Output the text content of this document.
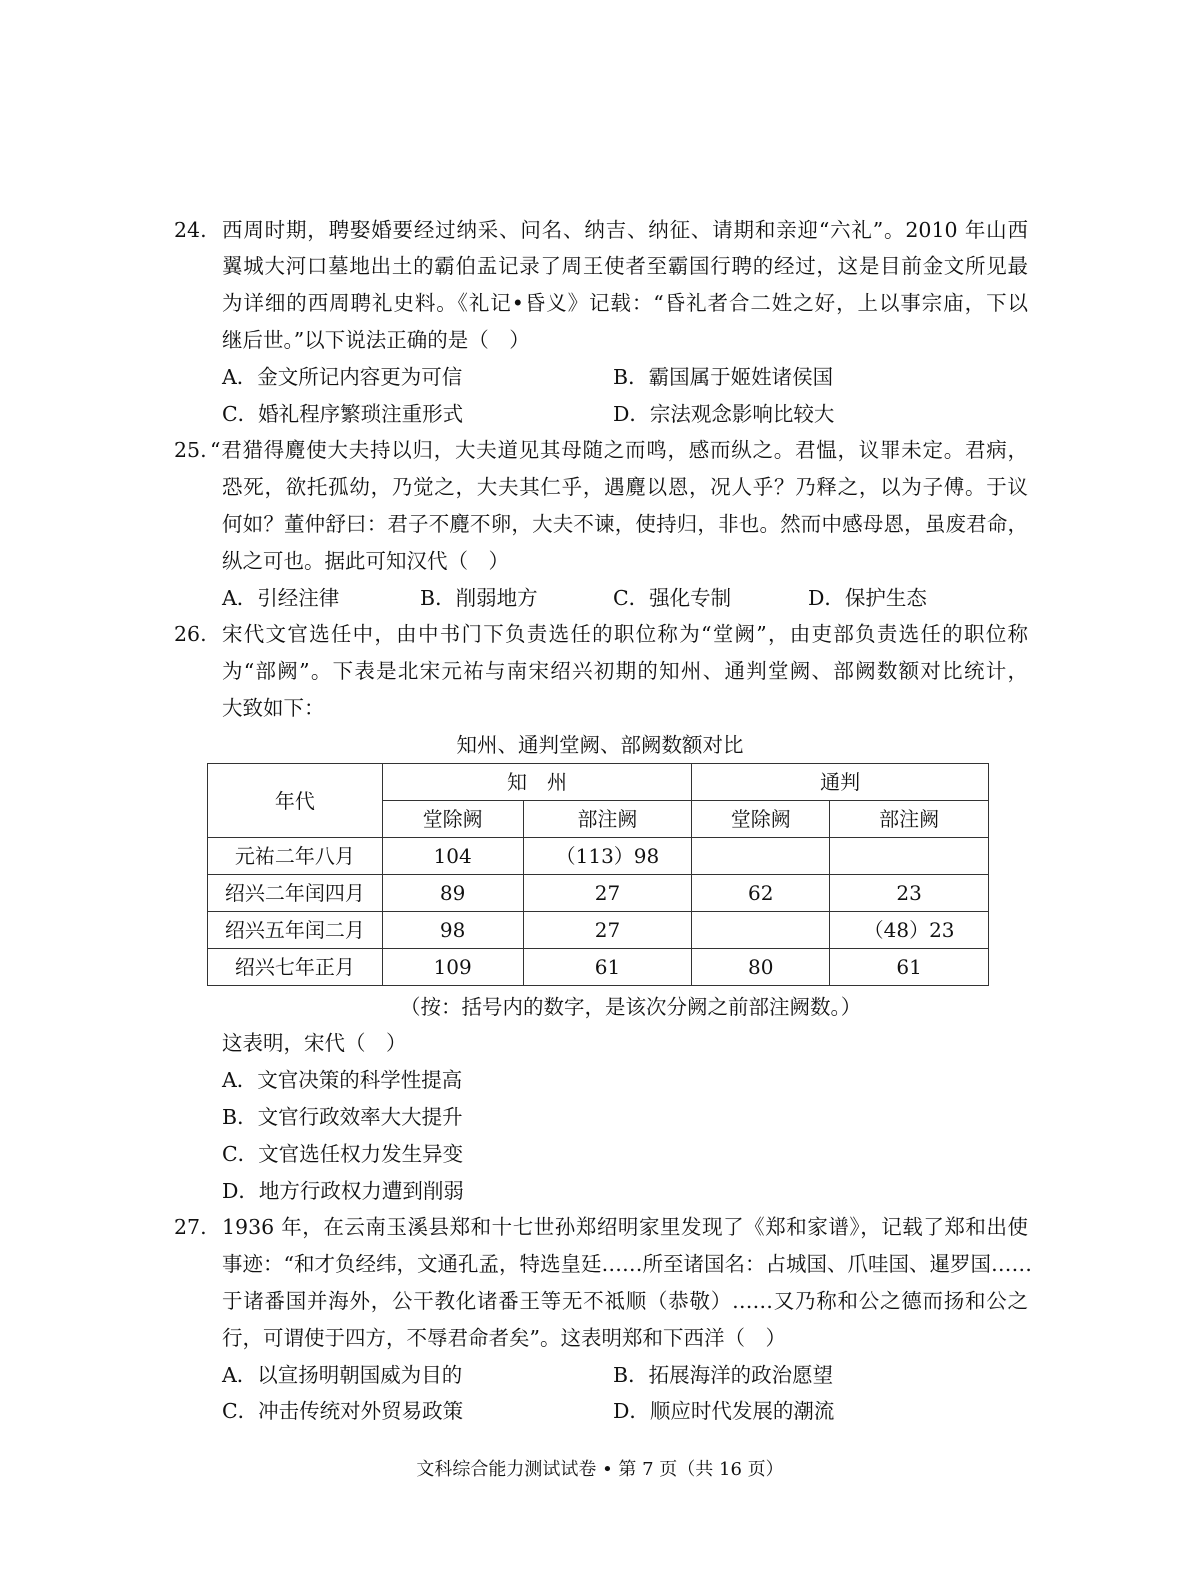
24. 西周时期，聘娶婚要经过纳采、问名、纳吉、纳征、请期和亲迎“六礼”。2010 年山西
翼城大河口墓地出土的霸伯盂记录了周王使者至霸国行聘的经过，这是目前金文所见最
为详细的西周聘礼史料。《礼记•昏义》记载：“昏礼者合二姓之好，上以事宗庙，下以
继后世。”以下说法正确的是（　）
A．金文所记内容更为可信	B．霸国属于姬姓诸侯国
C．婚礼程序繁琐注重形式	D．宗法观念影响比较大
25. “君猎得麑使大夫持以归，大夫道见其母随之而鸣，感而纵之。君愠，议罪未定。君病，
恐死，欲托孤幼，乃觉之，大夫其仁乎，遇麑以恩，况人乎？乃释之，以为子傅。于议
何如？董仲舒曰：君子不麑不卵，大夫不谏，使持归，非也。然而中感母恩，虽废君命，
纵之可也。据此可知汉代（　）
A．引经注律	B．削弱地方	C．强化专制	D．保护生态
26. 宋代文官选任中，由中书门下负责选任的职位称为“堂阙”，由吏部负责选任的职位称
为“部阙”。下表是北宋元祐与南宋绍兴初期的知州、通判堂阙、部阙数额对比统计，
大致如下：
知州、通判堂阙、部阙数额对比
年代	知　州		通判	
	堂除阙	部注阙	堂除阙	部注阙
元祐二年八月	104	（113）98		
绍兴二年闰四月	89	27	62	23
绍兴五年闰二月	98	27		（48）23
绍兴七年正月	109	61	80	61
（按：括号内的数字，是该次分阙之前部注阙数。）
这表明，宋代（　）
A．文官决策的科学性提高
B．文官行政效率大大提升
C．文官选任权力发生异变
D．地方行政权力遭到削弱
27. 1936 年，在云南玉溪县郑和十七世孙郑绍明家里发现了《郑和家谱》，记载了郑和出使
事迹：“和才负经纬，文通孔孟，特选皇廷……所至诸国名：占城国、爪哇国、暹罗国……
于诸番国并海外，公干教化诸番王等无不祗顺（恭敬）……又乃称和公之德而扬和公之
行，可谓使于四方，不辱君命者矣”。这表明郑和下西洋（　）
A．以宣扬明朝国威为目的	B．拓展海洋的政治愿望
C．冲击传统对外贸易政策	D．顺应时代发展的潮流
文科综合能力测试试卷 • 第 7 页（共 16 页）
